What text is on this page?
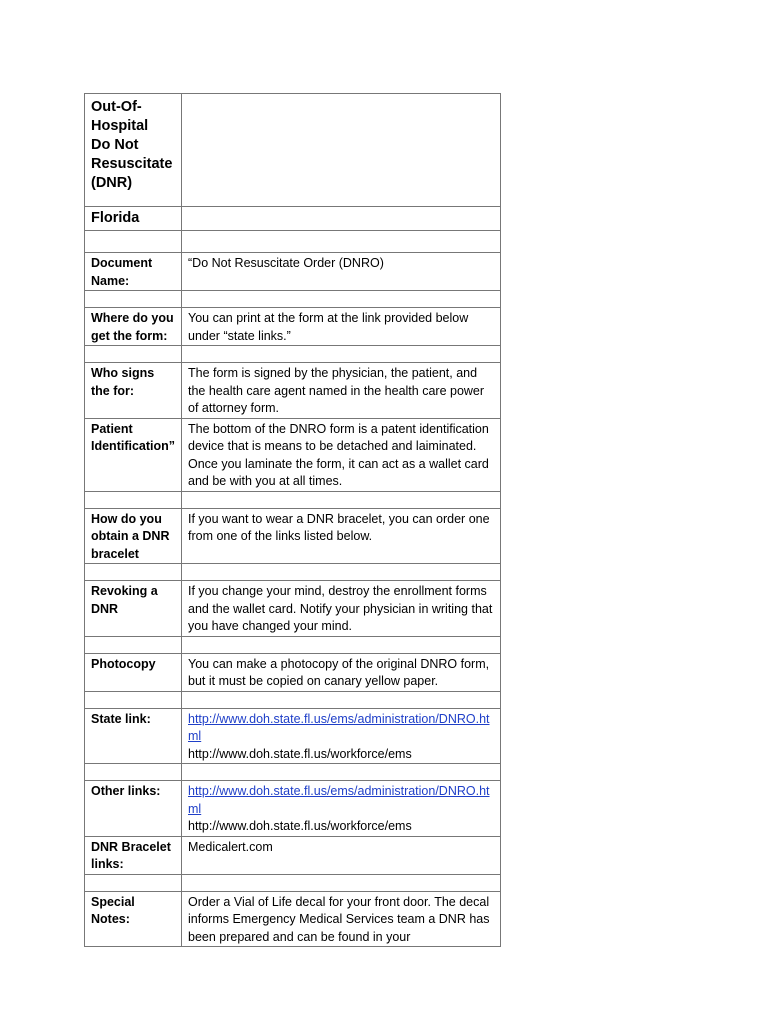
Out-Of-
Hospital
Do Not
Resuscitate
(DNR)	
Florida	

Document Name:	“Do Not Resuscitate Order (DNRO)

Where do you get the form:	You can print at the form at the link provided below under “state links.”

Who signs the for:	The form is signed by the physician, the patient, and the health care agent named in the health care power of attorney form.
Patient Identification”	The bottom of the DNRO form is a patent identification device that is means to be detached and laiminated. Once you laminate the form, it can act as a wallet card and be with you at all times.

How do you obtain a DNR bracelet	If you want to wear a DNR bracelet, you can order one from one of the links listed below.

Revoking a DNR	If you change your mind, destroy the enrollment forms and the wallet card. Notify your physician in writing that you have changed your mind.

Photocopy	You can make a photocopy of the original DNRO form, but it must be copied on canary yellow paper.

State link:	http://www.doh.state.fl.us/ems/administration/DNRO.html
http://www.doh.state.fl.us/workforce/ems

Other links:	http://www.doh.state.fl.us/ems/administration/DNRO.html
http://www.doh.state.fl.us/workforce/ems

DNR Bracelet links:	Medicalert.com

Special Notes:	Order a Vial of Life decal for your front door. The decal informs Emergency Medical Services team a DNR has been prepared and can be found in your
